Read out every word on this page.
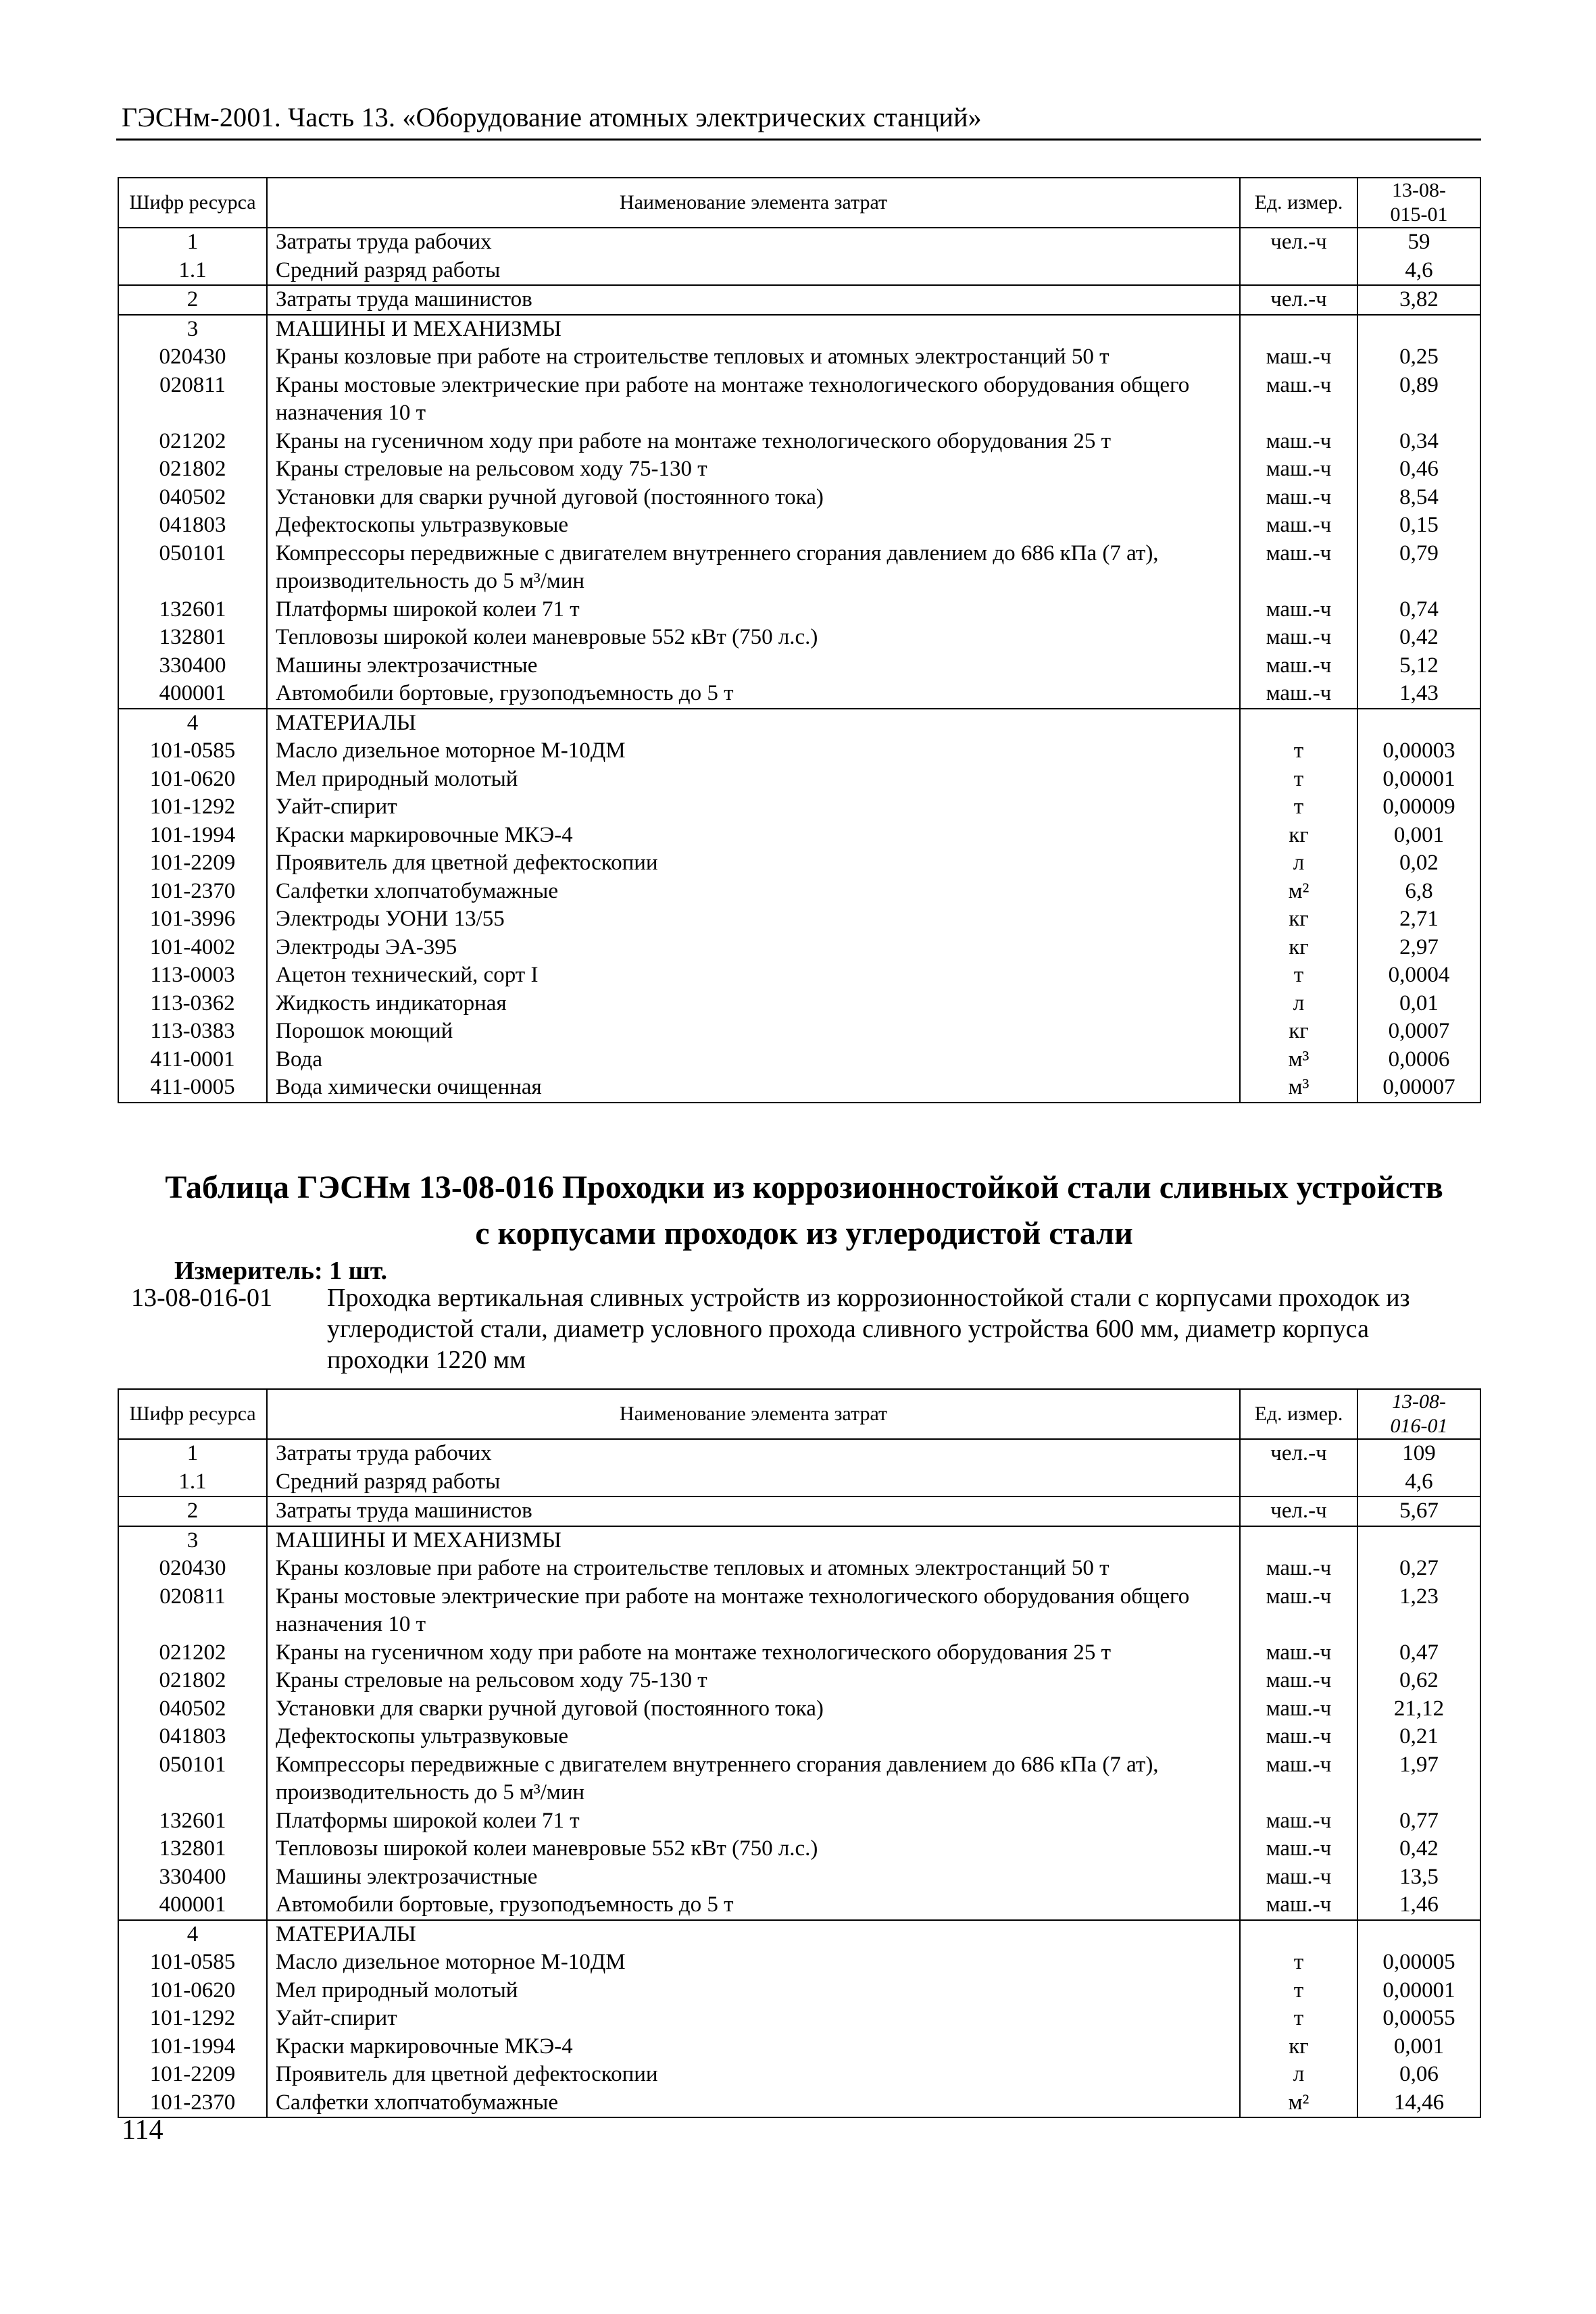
ГЭСНм-2001. Часть 13. «Оборудование атомных электрических станций»
Шифр ресурса	Наименование элемента затрат	Ед. измер.	13-08-
015-01

1	Затраты труда рабочих	чел.-ч	59
1.1	Средний разряд работы		4,6
2	Затраты труда машинистов	чел.-ч	3,82
3	МАШИНЫ И МЕХАНИЗМЫ		
020430	Краны козловые при работе на строительстве тепловых и атомных электростанций 50 т	маш.-ч	0,25
020811	Краны мостовые электрические при работе на монтаже технологического оборудования общего назначения 10 т	маш.-ч	0,89
021202	Краны на гусеничном ходу при работе на монтаже технологического оборудования 25 т	маш.-ч	0,34
021802	Краны стреловые на рельсовом ходу 75-130 т	маш.-ч	0,46
040502	Установки для сварки ручной дуговой (постоянного тока)	маш.-ч	8,54
041803	Дефектоскопы ультразвуковые	маш.-ч	0,15
050101	Компрессоры передвижные с двигателем внутреннего сгорания давлением до 686 кПа (7 ат), производительность до 5 м³/мин	маш.-ч	0,79
132601	Платформы широкой колеи 71 т	маш.-ч	0,74
132801	Тепловозы широкой колеи маневровые 552 кВт (750 л.с.)	маш.-ч	0,42
330400	Машины электрозачистные	маш.-ч	5,12
400001	Автомобили бортовые, грузоподъемность до 5 т	маш.-ч	1,43
4	МАТЕРИАЛЫ		
101-0585	Масло дизельное моторное М-10ДМ	т	0,00003
101-0620	Мел природный молотый	т	0,00001
101-1292	Уайт-спирит	т	0,00009
101-1994	Краски маркировочные МКЭ-4	кг	0,001
101-2209	Проявитель для цветной дефектоскопии	л	0,02
101-2370	Салфетки хлопчатобумажные	м²	6,8
101-3996	Электроды УОНИ 13/55	кг	2,71
101-4002	Электроды ЭА-395	кг	2,97
113-0003	Ацетон технический, сорт I	т	0,0004
113-0362	Жидкость индикаторная	л	0,01
113-0383	Порошок моющий	кг	0,0007
411-0001	Вода	м³	0,0006
411-0005	Вода химически очищенная	м³	0,00007
Таблица ГЭСНм 13-08-016 Проходки из коррозионностойкой стали сливных устройств
с корпусами проходок из углеродистой стали
Измеритель: 1 шт.
13-08-016-01 Проходка вертикальная сливных устройств из коррозионностойкой стали с корпусами проходок из углеродистой стали, диаметр условного прохода сливного устройства 600 мм, диаметр корпуса проходки 1220 мм
Шифр ресурса	Наименование элемента затрат	Ед. измер.	13-08-
016-01

1	Затраты труда рабочих	чел.-ч	109
1.1	Средний разряд работы		4,6
2	Затраты труда машинистов	чел.-ч	5,67
3	МАШИНЫ И МЕХАНИЗМЫ		
020430	Краны козловые при работе на строительстве тепловых и атомных электростанций 50 т	маш.-ч	0,27
020811	Краны мостовые электрические при работе на монтаже технологического оборудования общего назначения 10 т	маш.-ч	1,23
021202	Краны на гусеничном ходу при работе на монтаже технологического оборудования 25 т	маш.-ч	0,47
021802	Краны стреловые на рельсовом ходу 75-130 т	маш.-ч	0,62
040502	Установки для сварки ручной дуговой (постоянного тока)	маш.-ч	21,12
041803	Дефектоскопы ультразвуковые	маш.-ч	0,21
050101	Компрессоры передвижные с двигателем внутреннего сгорания давлением до 686 кПа (7 ат), производительность до 5 м³/мин	маш.-ч	1,97
132601	Платформы широкой колеи 71 т	маш.-ч	0,77
132801	Тепловозы широкой колеи маневровые 552 кВт (750 л.с.)	маш.-ч	0,42
330400	Машины электрозачистные	маш.-ч	13,5
400001	Автомобили бортовые, грузоподъемность до 5 т	маш.-ч	1,46
4	МАТЕРИАЛЫ		
101-0585	Масло дизельное моторное М-10ДМ	т	0,00005
101-0620	Мел природный молотый	т	0,00001
101-1292	Уайт-спирит	т	0,00055
101-1994	Краски маркировочные МКЭ-4	кг	0,001
101-2209	Проявитель для цветной дефектоскопии	л	0,06
101-2370	Салфетки хлопчатобумажные	м²	14,46
114
